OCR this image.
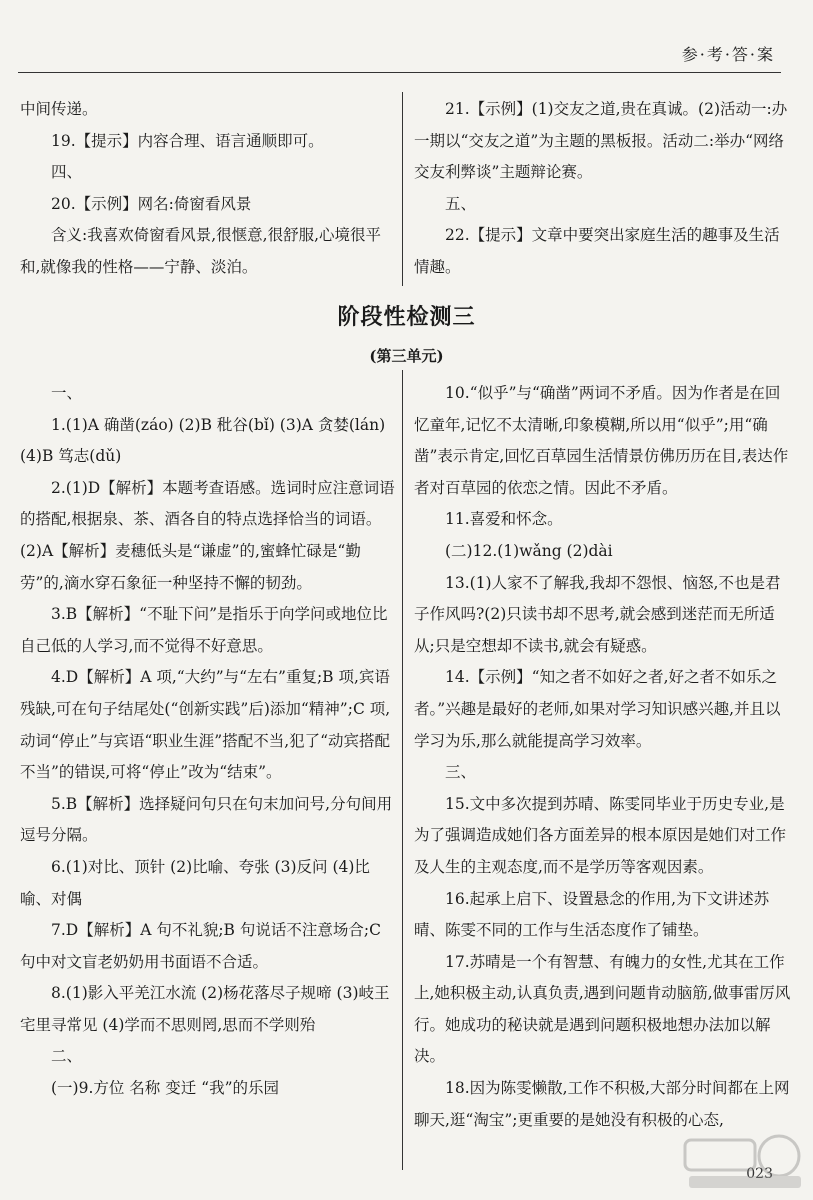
参·考·答·案

中间传递。

19.【提示】内容合理、语言通顺即可。

四、

20.【示例】网名:倚窗看风景

含义:我喜欢倚窗看风景,很惬意,很舒服,心境很平和,就像我的性格——宁静、淡泊。

21.【示例】(1)交友之道,贵在真诚。(2)活动一:办一期以“交友之道”为主题的黑板报。活动二:举办“网络交友利弊谈”主题辩论赛。

五、

22.【提示】文章中要突出家庭生活的趣事及生活情趣。

阶段性检测三
(第三单元)

一、

1.(1)A 确凿(záo) (2)B 秕谷(bǐ) (3)A 贪婪(lán) (4)B 笃志(dǔ)

2.(1)D【解析】本题考查语感。选词时应注意词语的搭配,根据泉、茶、酒各自的特点选择恰当的词语。(2)A【解析】麦穗低头是“谦虚”的,蜜蜂忙碌是“勤劳”的,滴水穿石象征一种坚持不懈的韧劲。

3.B【解析】“不耻下问”是指乐于向学问或地位比自己低的人学习,而不觉得不好意思。

4.D【解析】A 项,“大约”与“左右”重复;B 项,宾语残缺,可在句子结尾处(“创新实践”后)添加“精神”;C 项,动词“停止”与宾语“职业生涯”搭配不当,犯了“动宾搭配不当”的错误,可将“停止”改为“结束”。

5.B【解析】选择疑问句只在句末加问号,分句间用逗号分隔。

6.(1)对比、顶针 (2)比喻、夸张 (3)反问 (4)比喻、对偶

7.D【解析】A 句不礼貌;B 句说话不注意场合;C 句中对文盲老奶奶用书面语不合适。

8.(1)影入平羌江水流 (2)杨花落尽子规啼 (3)岐王宅里寻常见 (4)学而不思则罔,思而不学则殆

二、

(一)9.方位 名称 变迁 “我”的乐园

10.“似乎”与“确凿”两词不矛盾。因为作者是在回忆童年,记忆不太清晰,印象模糊,所以用“似乎”;用“确凿”表示肯定,回忆百草园生活情景仿佛历历在目,表达作者对百草园的依恋之情。因此不矛盾。

11.喜爱和怀念。

(二)12.(1)wǎng (2)dài

13.(1)人家不了解我,我却不怨恨、恼怒,不也是君子作风吗?(2)只读书却不思考,就会感到迷茫而无所适从;只是空想却不读书,就会有疑惑。

14.【示例】“知之者不如好之者,好之者不如乐之者。”兴趣是最好的老师,如果对学习知识感兴趣,并且以学习为乐,那么就能提高学习效率。

三、

15.文中多次提到苏晴、陈雯同毕业于历史专业,是为了强调造成她们各方面差异的根本原因是她们对工作及人生的主观态度,而不是学历等客观因素。

16.起承上启下、设置悬念的作用,为下文讲述苏晴、陈雯不同的工作与生活态度作了铺垫。

17.苏晴是一个有智慧、有魄力的女性,尤其在工作上,她积极主动,认真负责,遇到问题肯动脑筋,做事雷厉风行。她成功的秘诀就是遇到问题积极地想办法加以解决。

18.因为陈雯懒散,工作不积极,大部分时间都在上网聊天,逛“淘宝”;更重要的是她没有积极的心态,

023
